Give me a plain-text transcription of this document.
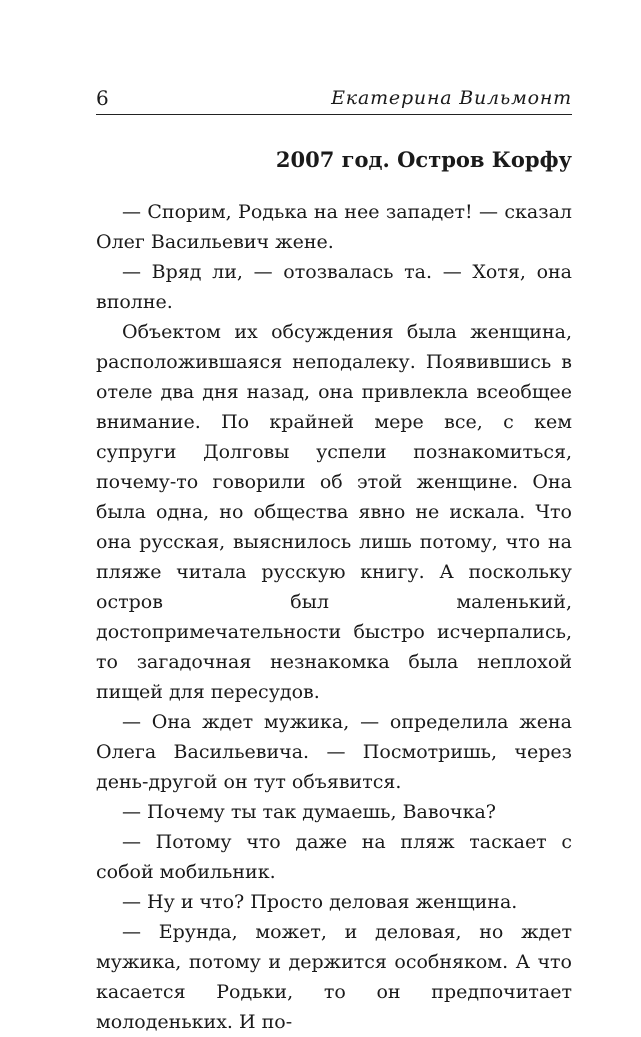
6	Екатерина Вильмонт
2007 год. Остров Корфу

— Спорим, Родька на нее западет! — сказал Олег Васильевич жене.

— Вряд ли, — отозвалась та. — Хотя, она вполне.

Объектом их обсуждения была женщина, расположившаяся неподалеку. Появившись в отеле два дня назад, она привлекла всеобщее внимание. По крайней мере все, с кем супруги Долговы успели познакомиться, почему-то говорили об этой женщине. Она была одна, но общества явно не искала. Что она русская, выяснилось лишь потому, что на пляже читала русскую книгу. А поскольку остров был маленький, достопримечательности быстро исчерпались, то загадочная незнакомка была неплохой пищей для пересудов.

— Она ждет мужика, — определила жена Олега Васильевича. — Посмотришь, через день-другой он тут объявится.

— Почему ты так думаешь, Вавочка?

— Потому что даже на пляж таскает с собой мобильник.

— Ну и что? Просто деловая женщина.

— Ерунда, может, и деловая, но ждет мужика, потому и держится особняком. А что касается Родьки, то он предпочитает молоденьких. И по-
